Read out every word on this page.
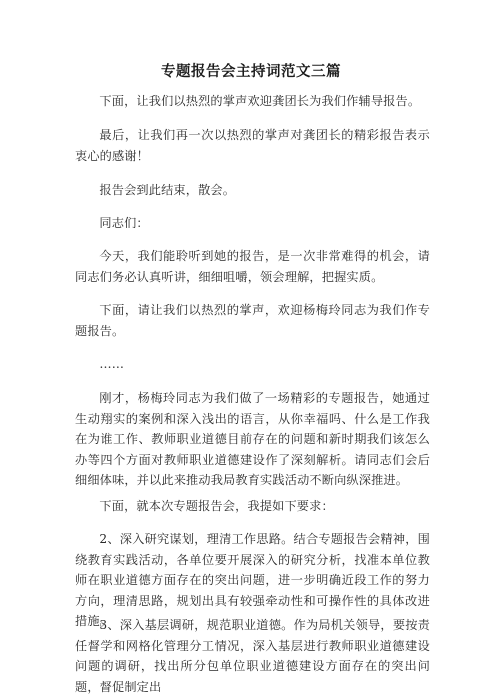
专题报告会主持词范文三篇

下面，让我们以热烈的掌声欢迎龚团长为我们作辅导报告。

最后，让我们再一次以热烈的掌声对龚团长的精彩报告表示衷心的感谢！

报告会到此结束，散会。

同志们：

今天，我们能聆听到她的报告，是一次非常难得的机会，请同志们务必认真听讲，细细咀嚼，领会理解，把握实质。

下面，请让我们以热烈的掌声，欢迎杨梅玲同志为我们作专题报告。

……

刚才，杨梅玲同志为我们做了一场精彩的专题报告，她通过生动翔实的案例和深入浅出的语言，从你幸福吗、什么是工作我在为谁工作、教师职业道德目前存在的问题和新时期我们该怎么办等四个方面对教师职业道德建设作了深刻解析。请同志们会后细细体味，并以此来推动我局教育实践活动不断向纵深推进。

下面，就本次专题报告会，我提如下要求：

2、深入研究谋划，理清工作思路。结合专题报告会精神，围绕教育实践活动，各单位要开展深入的研究分析，找准本单位教师在职业道德方面存在的突出问题，进一步明确近段工作的努力方向，理清思路，规划出具有较强牵动性和可操作性的具体改进措施。

3、深入基层调研，规范职业道德。作为局机关领导，要按责任督学和网格化管理分工情况，深入基层进行教师职业道德建设问题的调研，找出所分包单位职业道德建设方面存在的突出问题，督促制定出
